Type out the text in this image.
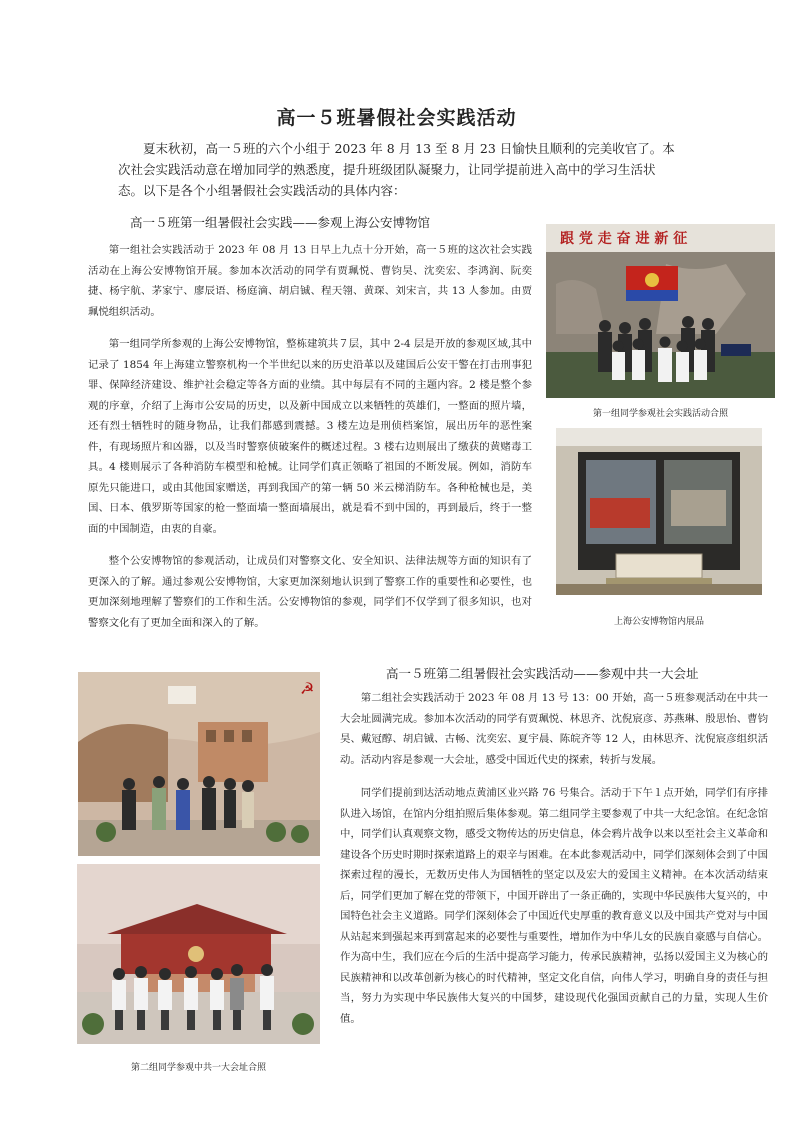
高一５班暑假社会实践活动
夏末秋初，高一５班的六个小组于 2023 年 8 月 13 至 8 月 23 日愉快且顺利的完美收官了。本次社会实践活动意在增加同学的熟悉度，提升班级团队凝聚力，让同学提前进入高中的学习生活状态。以下是各个小组暑假社会实践活动的具体内容：
高一５班第一组暑假社会实践——参观上海公安博物馆

第一组社会实践活动于 2023 年 08 月 13 日早上九点十分开始，高一５班的这次社会实践活动在上海公安博物馆开展。参加本次活动的同学有贾珮悦、曹钧昊、沈奕宏、李鸿润、阮奕捷、杨宇航、茅家宁、廖辰语、杨庭滴、胡启铖、程天翎、黄琛、刘宋言，共 13 人参加。由贾珮悦组织活动。

第一组同学所参观的上海公安博物馆，整栋建筑共７层，其中 2-4 层是开放的参观区域,其中记录了 1854 年上海建立警察机构一个半世纪以来的历史沿革以及建国后公安干警在打击刑事犯罪、保障经济建设、维护社会稳定等各方面的业绩。其中每层有不同的主题内容。2 楼是整个参观的序章，介绍了上海市公安局的历史，以及新中国成立以来牺牲的英雄们，一整面的照片墙，还有烈士牺牲时的随身物品，让我们都感到震撼。3 楼左边是刑侦档案馆，展出历年的恶性案件，有现场照片和凶器，以及当时警察侦破案件的概述过程。3 楼右边则展出了缴获的黄赌毒工具。4 楼则展示了各种消防车模型和枪械。让同学们真正领略了祖国的不断发展。例如，消防车原先只能进口，或由其他国家赠送，再到我国产的第一辆 50 米云梯消防车。各种枪械也是，美国、日本、俄罗斯等国家的枪一整面墙一整面墙展出，就是看不到中国的，再到最后，终于一整面的中国制造，由衷的自豪。

整个公安博物馆的参观活动，让成员们对警察文化、安全知识、法律法规等方面的知识有了更深入的了解。通过参观公安博物馆，大家更加深刻地认识到了警察工作的重要性和必要性，也更加深刻地理解了警察们的工作和生活。公安博物馆的参观，同学们不仅学到了很多知识，也对警察文化有了更加全面和深入的了解。

跟 党 走 奋 进 新 征
第一组同学参观社会实践活动合照
上海公安博物馆内展品
高一５班第二组暑假社会实践活动——参观中共一大会址

第二组社会实践活动于 2023 年 08 月 13 号 13：00 开始，高一５班参观活动在中共一大会址圆满完成。参加本次活动的同学有贾珮悦、林思齐、沈倪宸彦、苏燕琳、殷思怡、曹钧昊、戴冠醇、胡启铖、古畅、沈奕宏、夏宇晨、陈皖齐等 12 人，由林思齐、沈倪宸彦组织活动。活动内容是参观一大会址，感受中国近代史的探索，转折与发展。

同学们提前到达活动地点黄浦区业兴路 76 号集合。活动于下午１点开始，同学们有序排队进入场馆，在馆内分组拍照后集体参观。第二组同学主要参观了中共一大纪念馆。在纪念馆中，同学们认真观察文物，感受文物传达的历史信息，体会鸦片战争以来以至社会主义革命和建设各个历史时期时探索道路上的艰辛与困难。在本此参观活动中，同学们深刻体会到了中国探索过程的漫长，无数历史伟人为国牺牲的坚定以及宏大的爱国主义精神。在本次活动结束后，同学们更加了解在党的带领下，中国开辟出了一条正确的，实现中华民族伟大复兴的，中国特色社会主义道路。同学们深刻体会了中国近代史厚重的教育意义以及中国共产党对与中国从站起来到强起来再到富起来的必要性与重要性，增加作为中华儿女的民族自豪感与自信心。作为高中生，我们应在今后的生活中提高学习能力，传承民族精神，弘扬以爱国主义为核心的民族精神和以改革创新为核心的时代精神，坚定文化自信，向伟人学习，明确自身的责任与担当，努力为实现中华民族伟大复兴的中国梦，建设现代化强国贡献自己的力量，实现人生价值。

☭
第二组同学参观中共一大会址合照
